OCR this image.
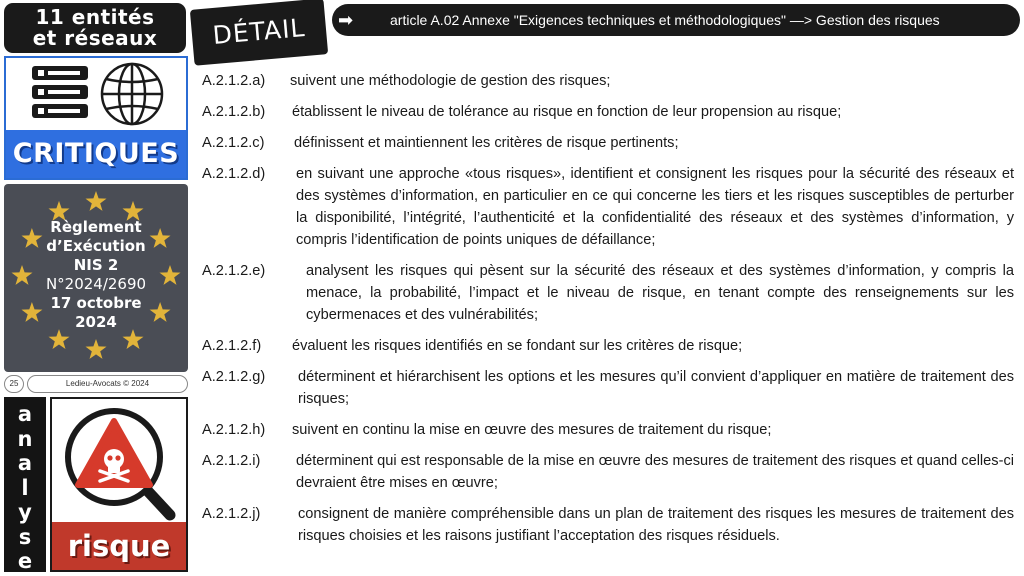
11 entités
et réseaux
CRITIQUES
Règlement
d’Exécution
NIS 2
N°2024/2690
17 octobre
2024
25	Ledieu-Avocats © 2024
a
n
a
l
y
s
e	risque
DÉTAIL	➡	article A.02 Annexe "Exigences techniques et méthodologiques" —> Gestion des risques
A.2.1.2.a)	suivent une méthodologie de gestion des risques;
A.2.1.2.b)	établissent le niveau de tolérance au risque en fonction de leur propension au risque;
A.2.1.2.c)	définissent et maintiennent les critères de risque pertinents;
A.2.1.2.d)	en suivant une approche «tous risques», identifient et consignent les risques pour la sécurité des réseaux et des systèmes d’information, en particulier en ce qui concerne les tiers et les risques susceptibles de perturber la disponibilité, l’intégrité, l’authenticité et la confidentialité des réseaux et des systèmes d’information, y compris l’identification de points uniques de défaillance;
A.2.1.2.e)	analysent les risques qui pèsent sur la sécurité des réseaux et des systèmes d’information, y compris la menace, la probabilité, l’impact et le niveau de risque, en tenant compte des renseignements sur les cybermenaces et des vulnérabilités;
A.2.1.2.f)	évaluent les risques identifiés en se fondant sur les critères de risque;
A.2.1.2.g)	déterminent et hiérarchisent les options et les mesures qu’il convient d’appliquer en matière de traitement des risques;
A.2.1.2.h)	suivent en continu la mise en œuvre des mesures de traitement du risque;
A.2.1.2.i)	déterminent qui est responsable de la mise en œuvre des mesures de traitement des risques et quand celles-ci devraient être mises en œuvre;
A.2.1.2.j)	consignent de manière compréhensible dans un plan de traitement des risques les mesures de traitement des risques choisies et les raisons justifiant l’acceptation des risques résiduels.
